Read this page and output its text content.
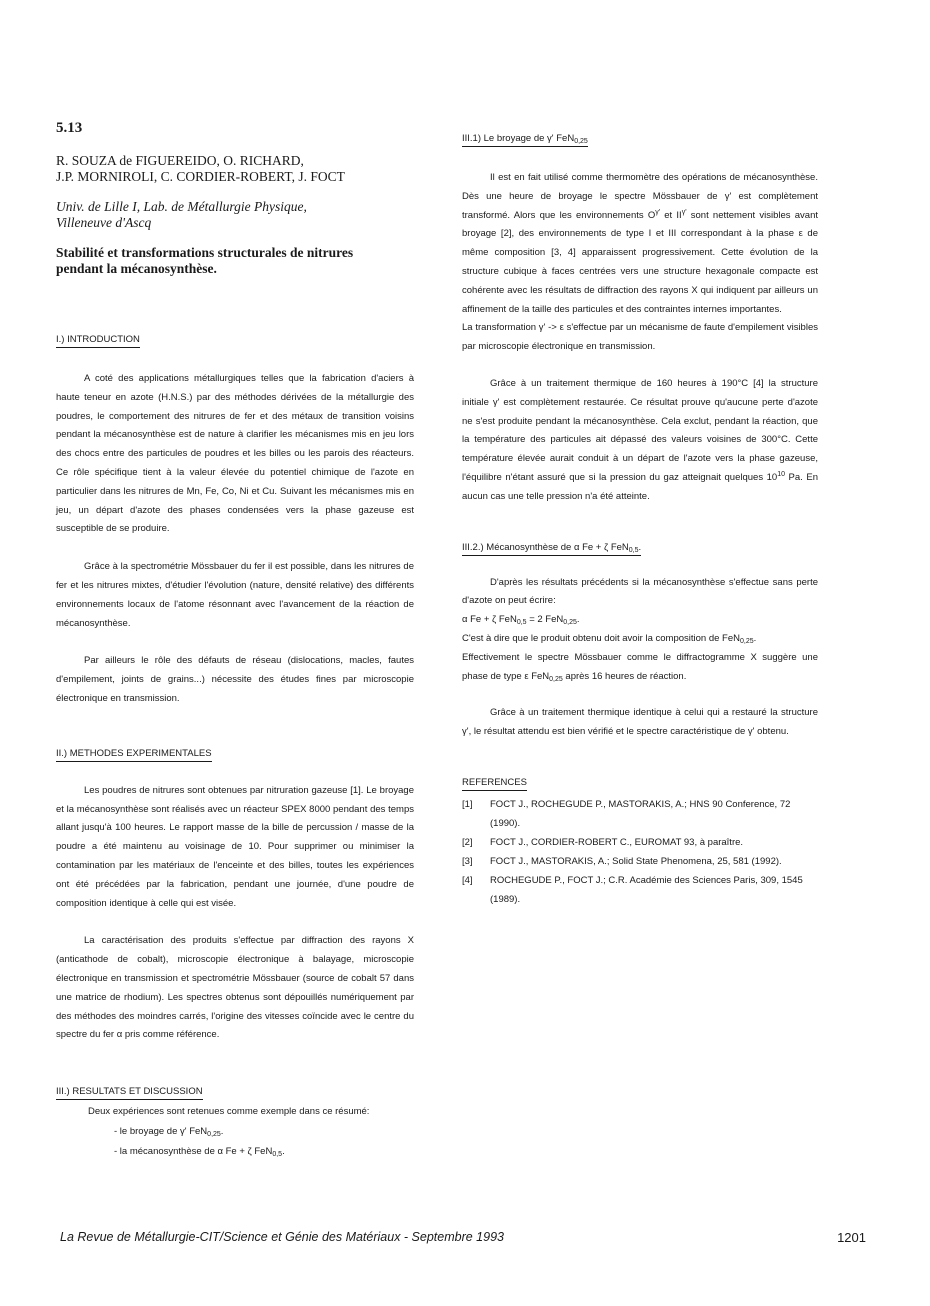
5.13
R. SOUZA de FIGUEREIDO, O. RICHARD,
J.P. MORNIROLI, C. CORDIER-ROBERT, J. FOCT
Univ. de Lille I, Lab. de Métallurgie Physique,
Villeneuve d'Ascq
Stabilité et transformations structurales de nitrures
pendant la mécanosynthèse.
I.) INTRODUCTION

A coté des applications métallurgiques telles que la fabrication d'aciers à haute teneur en azote (H.N.S.) par des méthodes dérivées de la métallurgie des poudres, le comportement des nitrures de fer et des métaux de transition voisins pendant la mécanosynthèse est de nature à clarifier les mécanismes mis en jeu lors des chocs entre des particules de poudres et les billes ou les parois des réacteurs. Ce rôle spécifique tient à la valeur élevée du potentiel chimique de l'azote en particulier dans les nitrures de Mn, Fe, Co, Ni et Cu. Suivant les mécanismes mis en jeu, un départ d'azote des phases condensées vers la phase gazeuse est susceptible de se produire.

Grâce à la spectrométrie Mössbauer du fer il est possible, dans les nitrures de fer et les nitrures mixtes, d'étudier l'évolution (nature, densité relative) des différents environnements locaux de l'atome résonnant avec l'avancement de la réaction de mécanosynthèse.

Par ailleurs le rôle des défauts de réseau (dislocations, macles, fautes d'empilement, joints de grains...) nécessite des études fines par microscopie électronique en transmission.

II.) METHODES EXPERIMENTALES

Les poudres de nitrures sont obtenues par nitruration gazeuse [1]. Le broyage et la mécanosynthèse sont réalisés avec un réacteur SPEX 8000 pendant des temps allant jusqu'à 100 heures. Le rapport masse de la bille de percussion / masse de la poudre a été maintenu au voisinage de 10. Pour supprimer ou minimiser la contamination par les matériaux de l'enceinte et des billes, toutes les expériences ont été précédées par la fabrication, pendant une journée, d'une poudre de composition identique à celle qui est visée.

La caractérisation des produits s'effectue par diffraction des rayons X (anticathode de cobalt), microscopie électronique à balayage, microscopie électronique en transmission et spectrométrie Mössbauer (source de cobalt 57 dans une matrice de rhodium). Les spectres obtenus sont dépouillés numériquement par des méthodes des moindres carrés, l'origine des vitesses coïncide avec le centre du spectre du fer α pris comme référence.

III.) RESULTATS ET DISCUSSION
Deux expériences sont retenues comme exemple dans ce résumé:
- le broyage de γ' FeN$_{0,25}$.
- la mécanosynthèse de α Fe + ζ FeN$_{0,5}$.
III.1) Le broyage de γ' FeN$_{0,25}$

Il est en fait utilisé comme thermomètre des opérations de mécanosynthèse. Dès une heure de broyage le spectre Mössbauer de γ' est complètement transformé. Alors que les environnements $O^{\gamma'}$ et $II^{\gamma'}$ sont nettement visibles avant broyage [2], des environnements de type I et III correspondant à la phase ε de même composition [3, 4] apparaissent progressivement. Cette évolution de la structure cubique à faces centrées vers une structure hexagonale compacte est cohérente avec les résultats de diffraction des rayons X qui indiquent par ailleurs un affinement de la taille des particules et des contraintes internes importantes.

La transformation γ' -> ε s'effectue par un mécanisme de faute d'empilement visibles par microscopie électronique en transmission.

Grâce à un traitement thermique de 160 heures à 190°C [4] la structure initiale γ' est complètement restaurée. Ce résultat prouve qu'aucune perte d'azote ne s'est produite pendant la mécanosynthèse. Cela exclut, pendant la réaction, que la température des particules ait dépassé des valeurs voisines de 300°C. Cette température élevée aurait conduit à un départ de l'azote vers la phase gazeuse, l'équilibre n'étant assuré que si la pression du gaz atteignait quelques $10^{10}$ Pa. En aucun cas une telle pression n'a été atteinte.

III.2.) Mécanosynthèse de α Fe + ζ FeN$_{0,5}$.

D'après les résultats précédents si la mécanosynthèse s'effectue sans perte d'azote on peut écrire:

α Fe + ζ FeN$_{0,5}$ = 2 FeN$_{0,25}$.

C'est à dire que le produit obtenu doit avoir la composition de FeN$_{0,25}$.

Effectivement le spectre Mössbauer comme le diffractogramme X suggère une phase de type ε FeN$_{0,25}$ après 16 heures de réaction.

Grâce à un traitement thermique identique à celui qui a restauré la structure γ', le résultat attendu est bien vérifié et le spectre caractéristique de γ' obtenu.

REFERENCES
[1]	FOCT J., ROCHEGUDE P., MASTORAKIS, A.; HNS 90 Conference, 72 (1990).
[2]	FOCT J., CORDIER-ROBERT C., EUROMAT 93, à paraître.
[3]	FOCT J., MASTORAKIS, A.; Solid State Phenomena, 25, 581 (1992).
[4]	ROCHEGUDE P., FOCT J.; C.R. Académie des Sciences Paris, 309, 1545 (1989).
La Revue de Métallurgie-CIT/Science et Génie des Matériaux - Septembre 1993	1201
